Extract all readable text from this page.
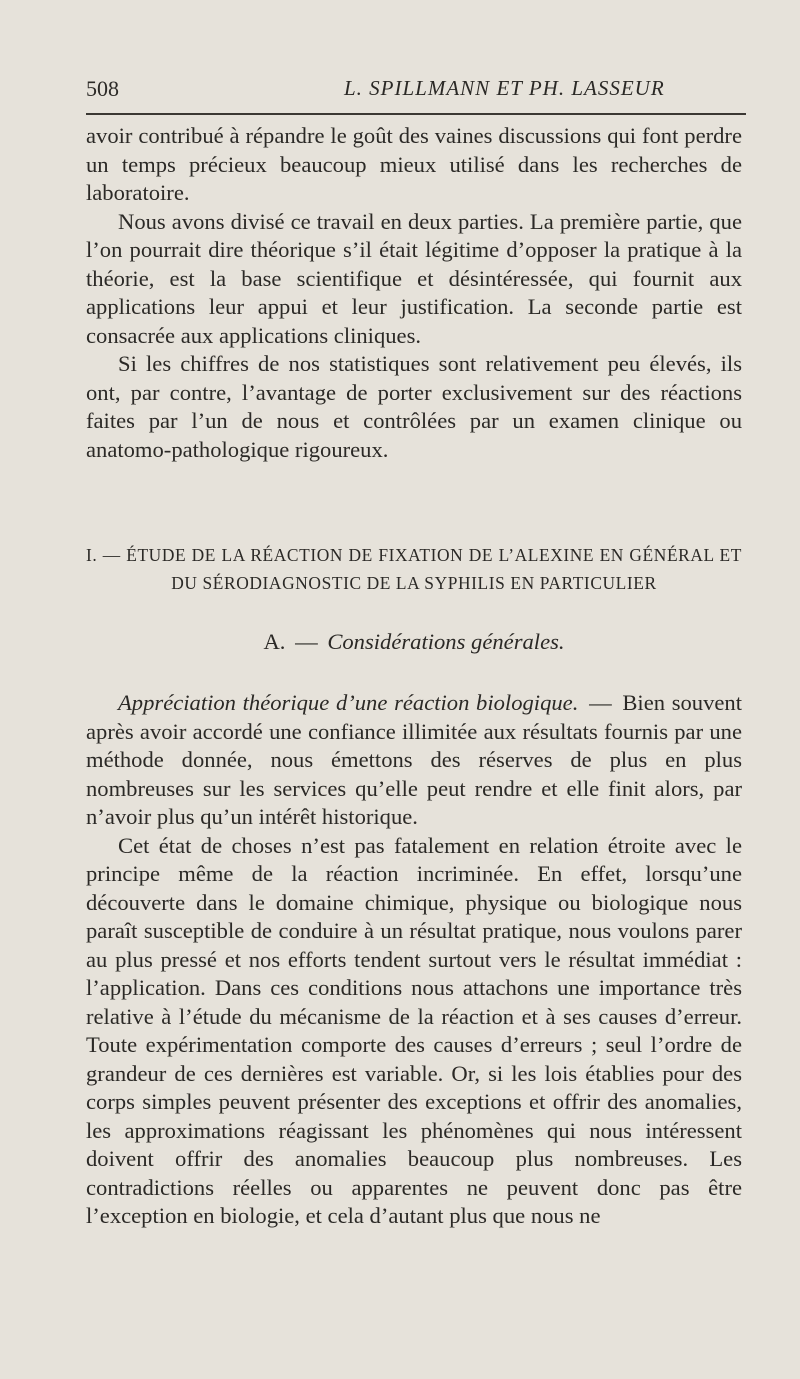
508	L. SPILLMANN ET PH. LASSEUR

avoir contribué à répandre le goût des vaines discussions qui font perdre un temps précieux beaucoup mieux utilisé dans les recherches de laboratoire.

Nous avons divisé ce travail en deux parties. La première partie, que l’on pourrait dire théorique s’il était légitime d’opposer la pratique à la théorie, est la base scientifique et désintéressée, qui fournit aux applications leur appui et leur justification. La seconde partie est consacrée aux applications cliniques.

Si les chiffres de nos statistiques sont relativement peu élevés, ils ont, par contre, l’avantage de porter exclusivement sur des réactions faites par l’un de nous et contrôlées par un examen clinique ou anatomo-pathologique rigoureux.

I. — ÉTUDE DE LA RÉACTION DE FIXATION DE L’ALEXINE EN GÉNÉRAL ET DU SÉRODIAGNOSTIC DE LA SYPHILIS EN PARTICULIER

A. — Considérations générales.

Appréciation théorique d’une réaction biologique. — Bien souvent après avoir accordé une confiance illimitée aux résultats fournis par une méthode donnée, nous émettons des réserves de plus en plus nombreuses sur les services qu’elle peut rendre et elle finit alors, par n’avoir plus qu’un intérêt historique.

Cet état de choses n’est pas fatalement en relation étroite avec le principe même de la réaction incriminée. En effet, lorsqu’une découverte dans le domaine chimique, physique ou biologique nous paraît susceptible de conduire à un résultat pratique, nous voulons parer au plus pressé et nos efforts tendent surtout vers le résultat immédiat : l’application. Dans ces conditions nous attachons une importance très relative à l’étude du mécanisme de la réaction et à ses causes d’erreur. Toute expérimentation comporte des causes d’erreurs ; seul l’ordre de grandeur de ces dernières est variable. Or, si les lois établies pour des corps simples peuvent présenter des exceptions et offrir des anomalies, les approximations réagissant les phénomènes qui nous intéressent doivent offrir des anomalies beaucoup plus nombreuses. Les contradictions réelles ou apparentes ne peuvent donc pas être l’exception en biologie, et cela d’autant plus que nous ne
